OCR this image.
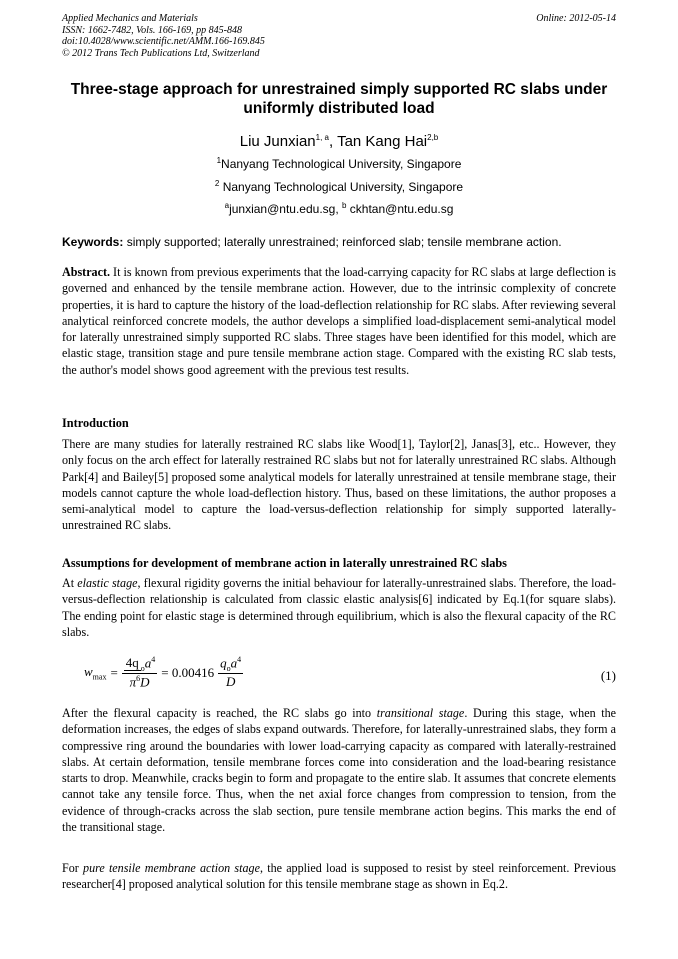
Applied Mechanics and Materials
ISSN: 1662-7482, Vols. 166-169, pp 845-848
doi:10.4028/www.scientific.net/AMM.166-169.845
© 2012 Trans Tech Publications Ltd, Switzerland
Online: 2012-05-14
Three-stage approach for unrestrained simply supported RC slabs under uniformly distributed load
Liu Junxian$^{1, a}$, Tan Kang Hai$^{2,b}$
$^1$Nanyang Technological University, Singapore
$^2$ Nanyang Technological University, Singapore
$^a$junxian@ntu.edu.sg, $^b$ ckhtan@ntu.edu.sg
Keywords: simply supported; laterally unrestrained; reinforced slab; tensile membrane action.

Abstract. It is known from previous experiments that the load-carrying capacity for RC slabs at large deflection is governed and enhanced by the tensile membrane action. However, due to the intrinsic complexity of concrete properties, it is hard to capture the history of the load-deflection relationship for RC slabs. After reviewing several analytical reinforced concrete models, the author develops a simplified load-displacement semi-analytical model for laterally unrestrained simply supported RC slabs. Three stages have been identified for this model, which are elastic stage, transition stage and pure tensile membrane action stage. Compared with the existing RC slab tests, the author's model shows good agreement with the previous test results.

Introduction

There are many studies for laterally restrained RC slabs like Wood[1], Taylor[2], Janas[3], etc.. However, they only focus on the arch effect for laterally restrained RC slabs but not for laterally unrestrained RC slabs. Although Park[4] and Bailey[5] proposed some analytical models for laterally unrestrained at tensile membrane stage, their models cannot capture the whole load-deflection history. Thus, based on these limitations, the author proposes a semi-analytical model to capture the load-versus-deflection relationship for simply supported laterally-unrestrained RC slabs.

Assumptions for development of membrane action in laterally unrestrained RC slabs

At elastic stage, flexural rigidity governs the initial behaviour for laterally-unrestrained slabs. Therefore, the load-versus-deflection relationship is calculated from classic elastic analysis[6] indicated by Eq.1(for square slabs). The ending point for elastic stage is determined through equilibrium, which is also the flexural capacity of the RC slabs.

$w_{max} = \frac{4q _oa^4}{\pi^6D} = 0.00416 \frac{q_oa^4}{D}$	(1)

After the flexural capacity is reached, the RC slabs go into transitional stage. During this stage, when the deformation increases, the edges of slabs expand outwards. Therefore, for laterally-unrestrained slabs, they form a compressive ring around the boundaries with lower load-carrying capacity as compared with laterally-restrained slabs. At certain deformation, tensile membrane forces come into consideration and the load-bearing resistance starts to drop. Meanwhile, cracks begin to form and propagate to the entire slab. It assumes that concrete elements cannot take any tensile force. Thus, when the net axial force changes from compression to tension, from the evidence of through-cracks across the slab section, pure tensile membrane action begins. This marks the end of the transitional stage.

For pure tensile membrane action stage, the applied load is supposed to resist by steel reinforcement. Previous researcher[4] proposed analytical solution for this tensile membrane stage as shown in Eq.2.
